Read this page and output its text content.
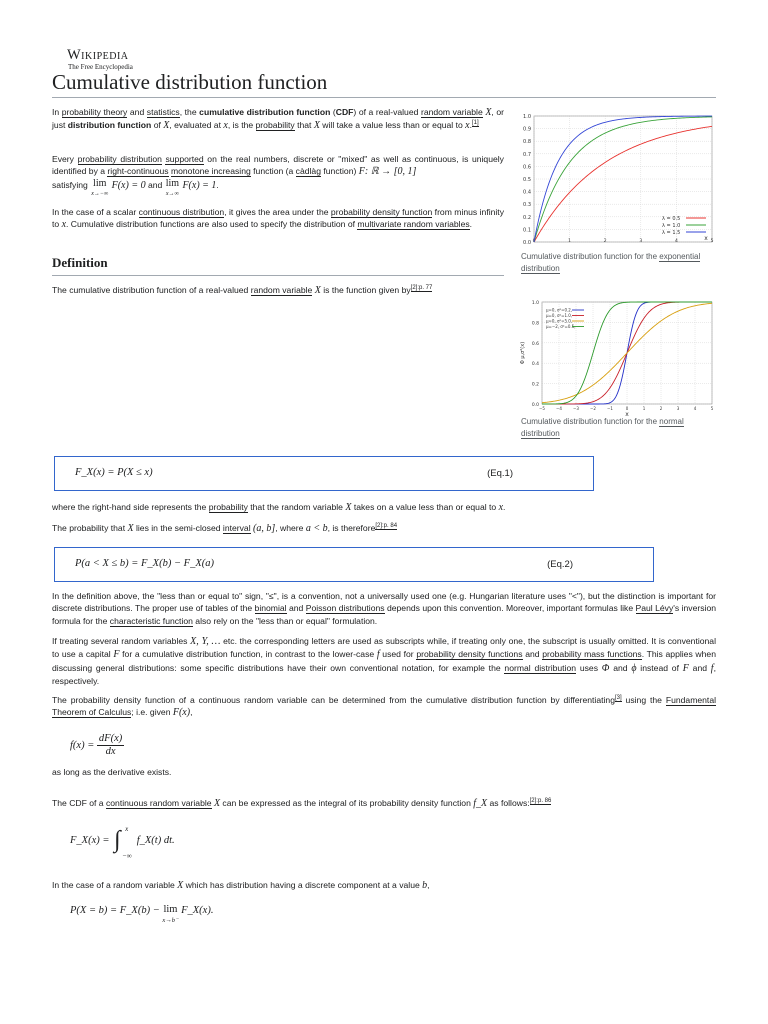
Wikipedia
The Free Encyclopedia
Cumulative distribution function

In probability theory and statistics, the cumulative distribution function (CDF) of a real-valued random variable X, or just distribution function of X, evaluated at x, is the probability that X will take a value less than or equal to x.[1]

Every probability distribution supported on the real numbers, discrete or "mixed" as well as continuous, is uniquely identified by a right-continuous monotone increasing function (a càdlàg function) F: ℝ → [0, 1]
satisfying lim
x→−∞ F(x) = 0 and lim
x→∞ F(x) = 1.

In the case of a scalar continuous distribution, it gives the area under the probability density function from minus infinity to x. Cumulative distribution functions are also used to specify the distribution of multivariate random variables.

0.0
0.1
0.2
0.3
0.4
0.5
0.6
0.7
0.8
0.9
1.0
0	1	2	3	4	5
λ = 0.5
λ = 1.0
λ = 1.5
x
Cumulative distribution function for the exponential distribution
Definition

The cumulative distribution function of a real-valued random variable X is the function given $by^{[2]:p. 77}$

0.0
0.2
0.4
0.6
0.8
1.0
−5	−4	−3	−2	−1	0	1	2	3	4	5
μ=0, σ²=0.2,
μ=0, σ²=1.0,
μ=0, σ²=5.0,
μ=−2, σ²=0.5,
x
Φ μ,σ²(x)
Cumulative distribution function for the normal distribution
F_X(x) = P(X ≤ x)	(Eq.1)

where the right-hand side represents the probability that the random variable X takes on a value less than or equal to x.

The probability that X lies in the semi-closed interval (a, b], where a < b, is therefore$^{[2]:p. 84}$

P(a < X ≤ b) = F_X(b) − F_X(a)	(Eq.2)

In the definition above, the "less than or equal to" sign, "≤", is a convention, not a universally used one (e.g. Hungarian literature uses "<"), but the distinction is important for discrete distributions. The proper use of tables of the binomial and Poisson distributions depends upon this convention. Moreover, important formulas like Paul Lévy's inversion formula for the characteristic function also rely on the "less than or equal" formulation.

If treating several random variables X, Y, … etc. the corresponding letters are used as subscripts while, if treating only one, the subscript is usually omitted. It is conventional to use a capital F for a cumulative distribution function, in contrast to the lower-case f used for probability density functions and probability mass functions. This applies when discussing general distributions: some specific distributions have their own conventional notation, for example the normal distribution uses Φ and ϕ instead of F and f, respectively.

The probability density function of a continuous random variable can be determined from the cumulative distribution function by differentiating[3] using the Fundamental Theorem of Calculus; i.e. given F(x),

$f(x) = \frac{dF(x)}{dx}$

as long as the derivative exists.

The CDF of a continuous random variable X can be expressed as the integral of its probability density function f_X as follows:$^{[2]:p. 86}$

F_X(x) = ∫ x
−∞
f_X(t) dt.

In the case of a random variable X which has distribution having a discrete component at a value b,

P(X = b) = F_X(b) − lim
x→b⁻ F_X(x).
